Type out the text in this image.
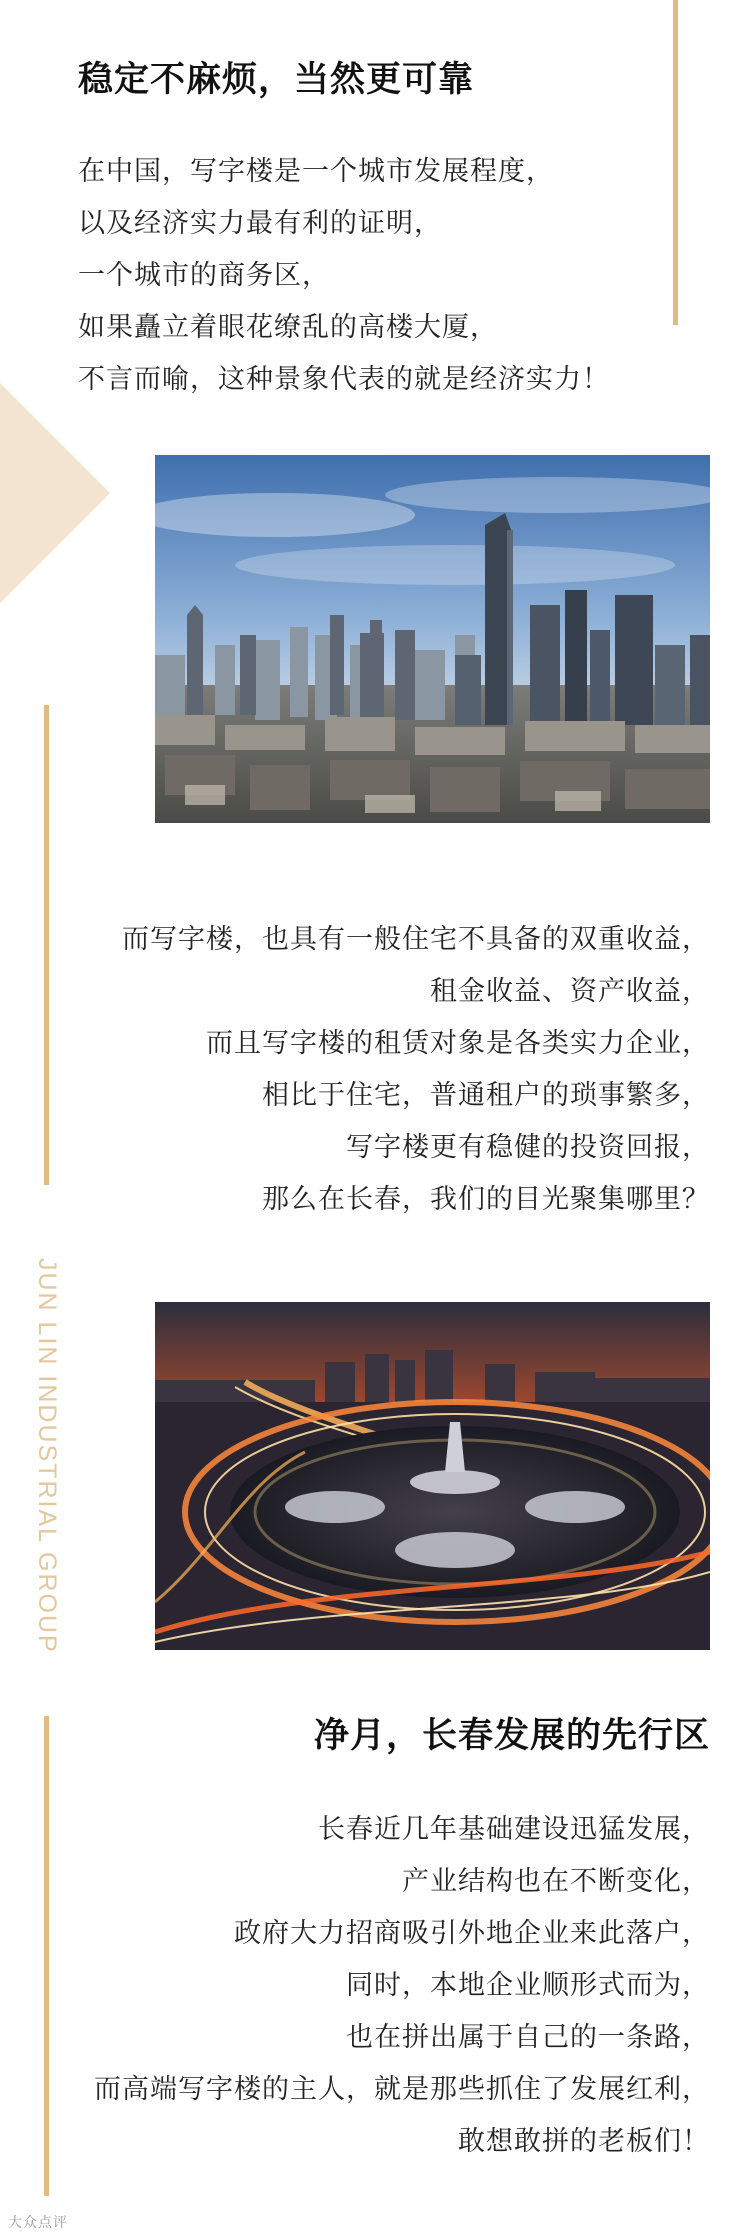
稳定不麻烦，当然更可靠
在中国，写字楼是一个城市发展程度，
以及经济实力最有利的证明，
一个城市的商务区，
如果矗立着眼花缭乱的高楼大厦，
不言而喻，这种景象代表的就是经济实力！
而写字楼，也具有一般住宅不具备的双重收益，
租金收益、资产收益，
而且写字楼的租赁对象是各类实力企业，
相比于住宅，普通租户的琐事繁多，
写字楼更有稳健的投资回报，
那么在长春，我们的目光聚集哪里？
JUN LIN INDUSTRIAL GROUP
净月，长春发展的先行区
长春近几年基础建设迅猛发展，
产业结构也在不断变化，
政府大力招商吸引外地企业来此落户，
同时，本地企业顺形式而为，
也在拼出属于自己的一条路，
而高端写字楼的主人，就是那些抓住了发展红利，
敢想敢拼的老板们！
大众点评
